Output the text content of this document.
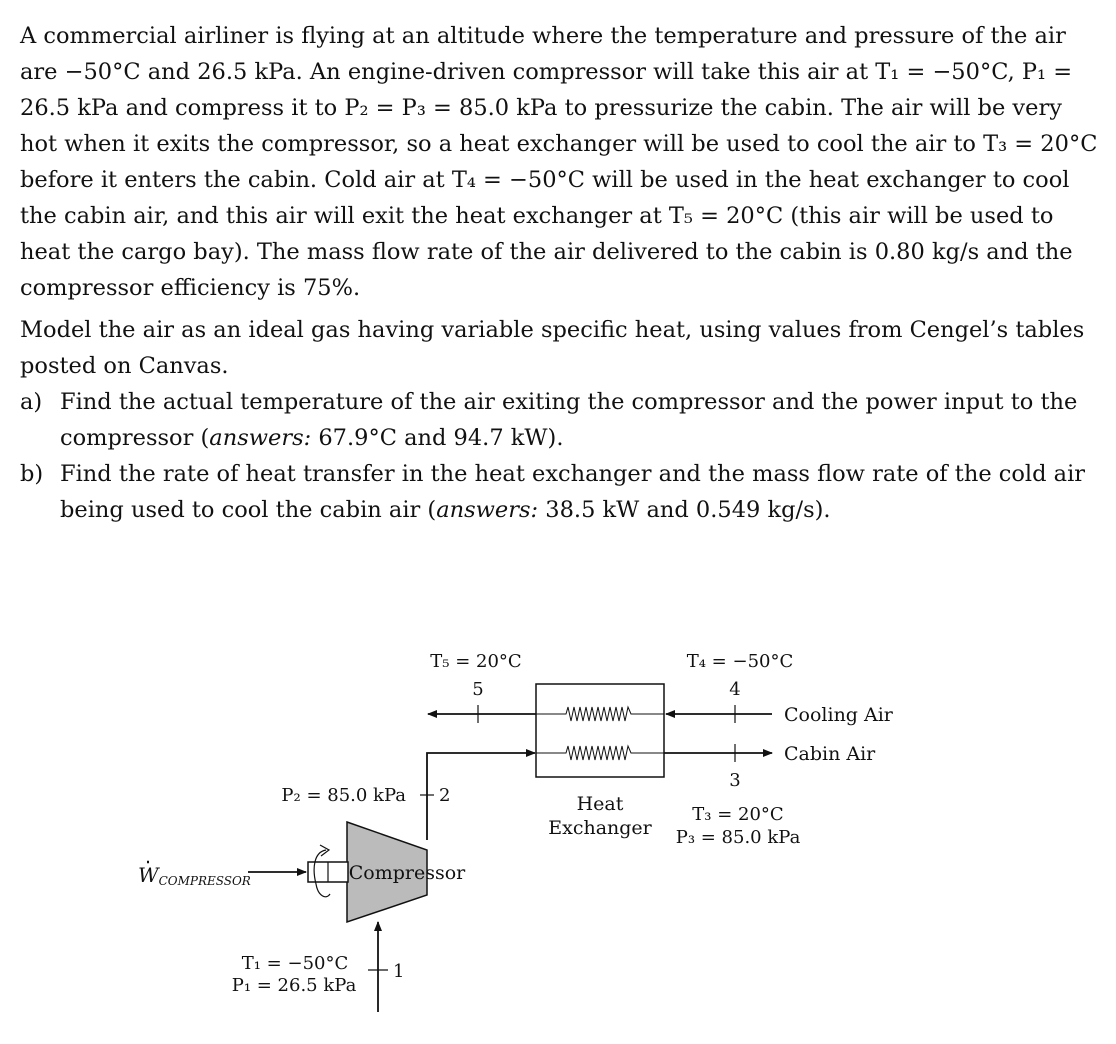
A commercial airliner is flying at an altitude where the temperature and pressure of the air are −50°C and 26.5 kPa. An engine-driven compressor will take this air at T₁ = −50°C, P₁ = 26.5 kPa and compress it to P₂ = P₃ = 85.0 kPa to pressurize the cabin. The air will be very hot when it exits the compressor, so a heat exchanger will be used to cool the air to T₃ = 20°C before it enters the cabin. Cold air at T₄ = −50°C will be used in the heat exchanger to cool the cabin air, and this air will exit the heat exchanger at T₅ = 20°C (this air will be used to heat the cargo bay). The mass flow rate of the air delivered to the cabin is 0.80 kg/s and the compressor efficiency is 75%.

Model the air as an ideal gas having variable specific heat, using values from Cengel’s tables posted on Canvas.

a) Find the actual temperature of the air exiting the compressor and the power input to the compressor (answers: 67.9°C and 94.7 kW).
b) Find the rate of heat transfer in the heat exchanger and the mass flow rate of the cold air being used to cool the cabin air (answers: 38.5 kW and 0.549 kg/s).
Compressor
WCOMPRESSOR
1
T₁ = −50°C
P₁ = 26.5 kPa
2
P₂ = 85.0 kPa	Heat
Exchanger
4
T₄ = −50°C
Cooling Air
5
T₅ = 20°C
3
Cabin Air
T₃ = 20°C
P₃ = 85.0 kPa
